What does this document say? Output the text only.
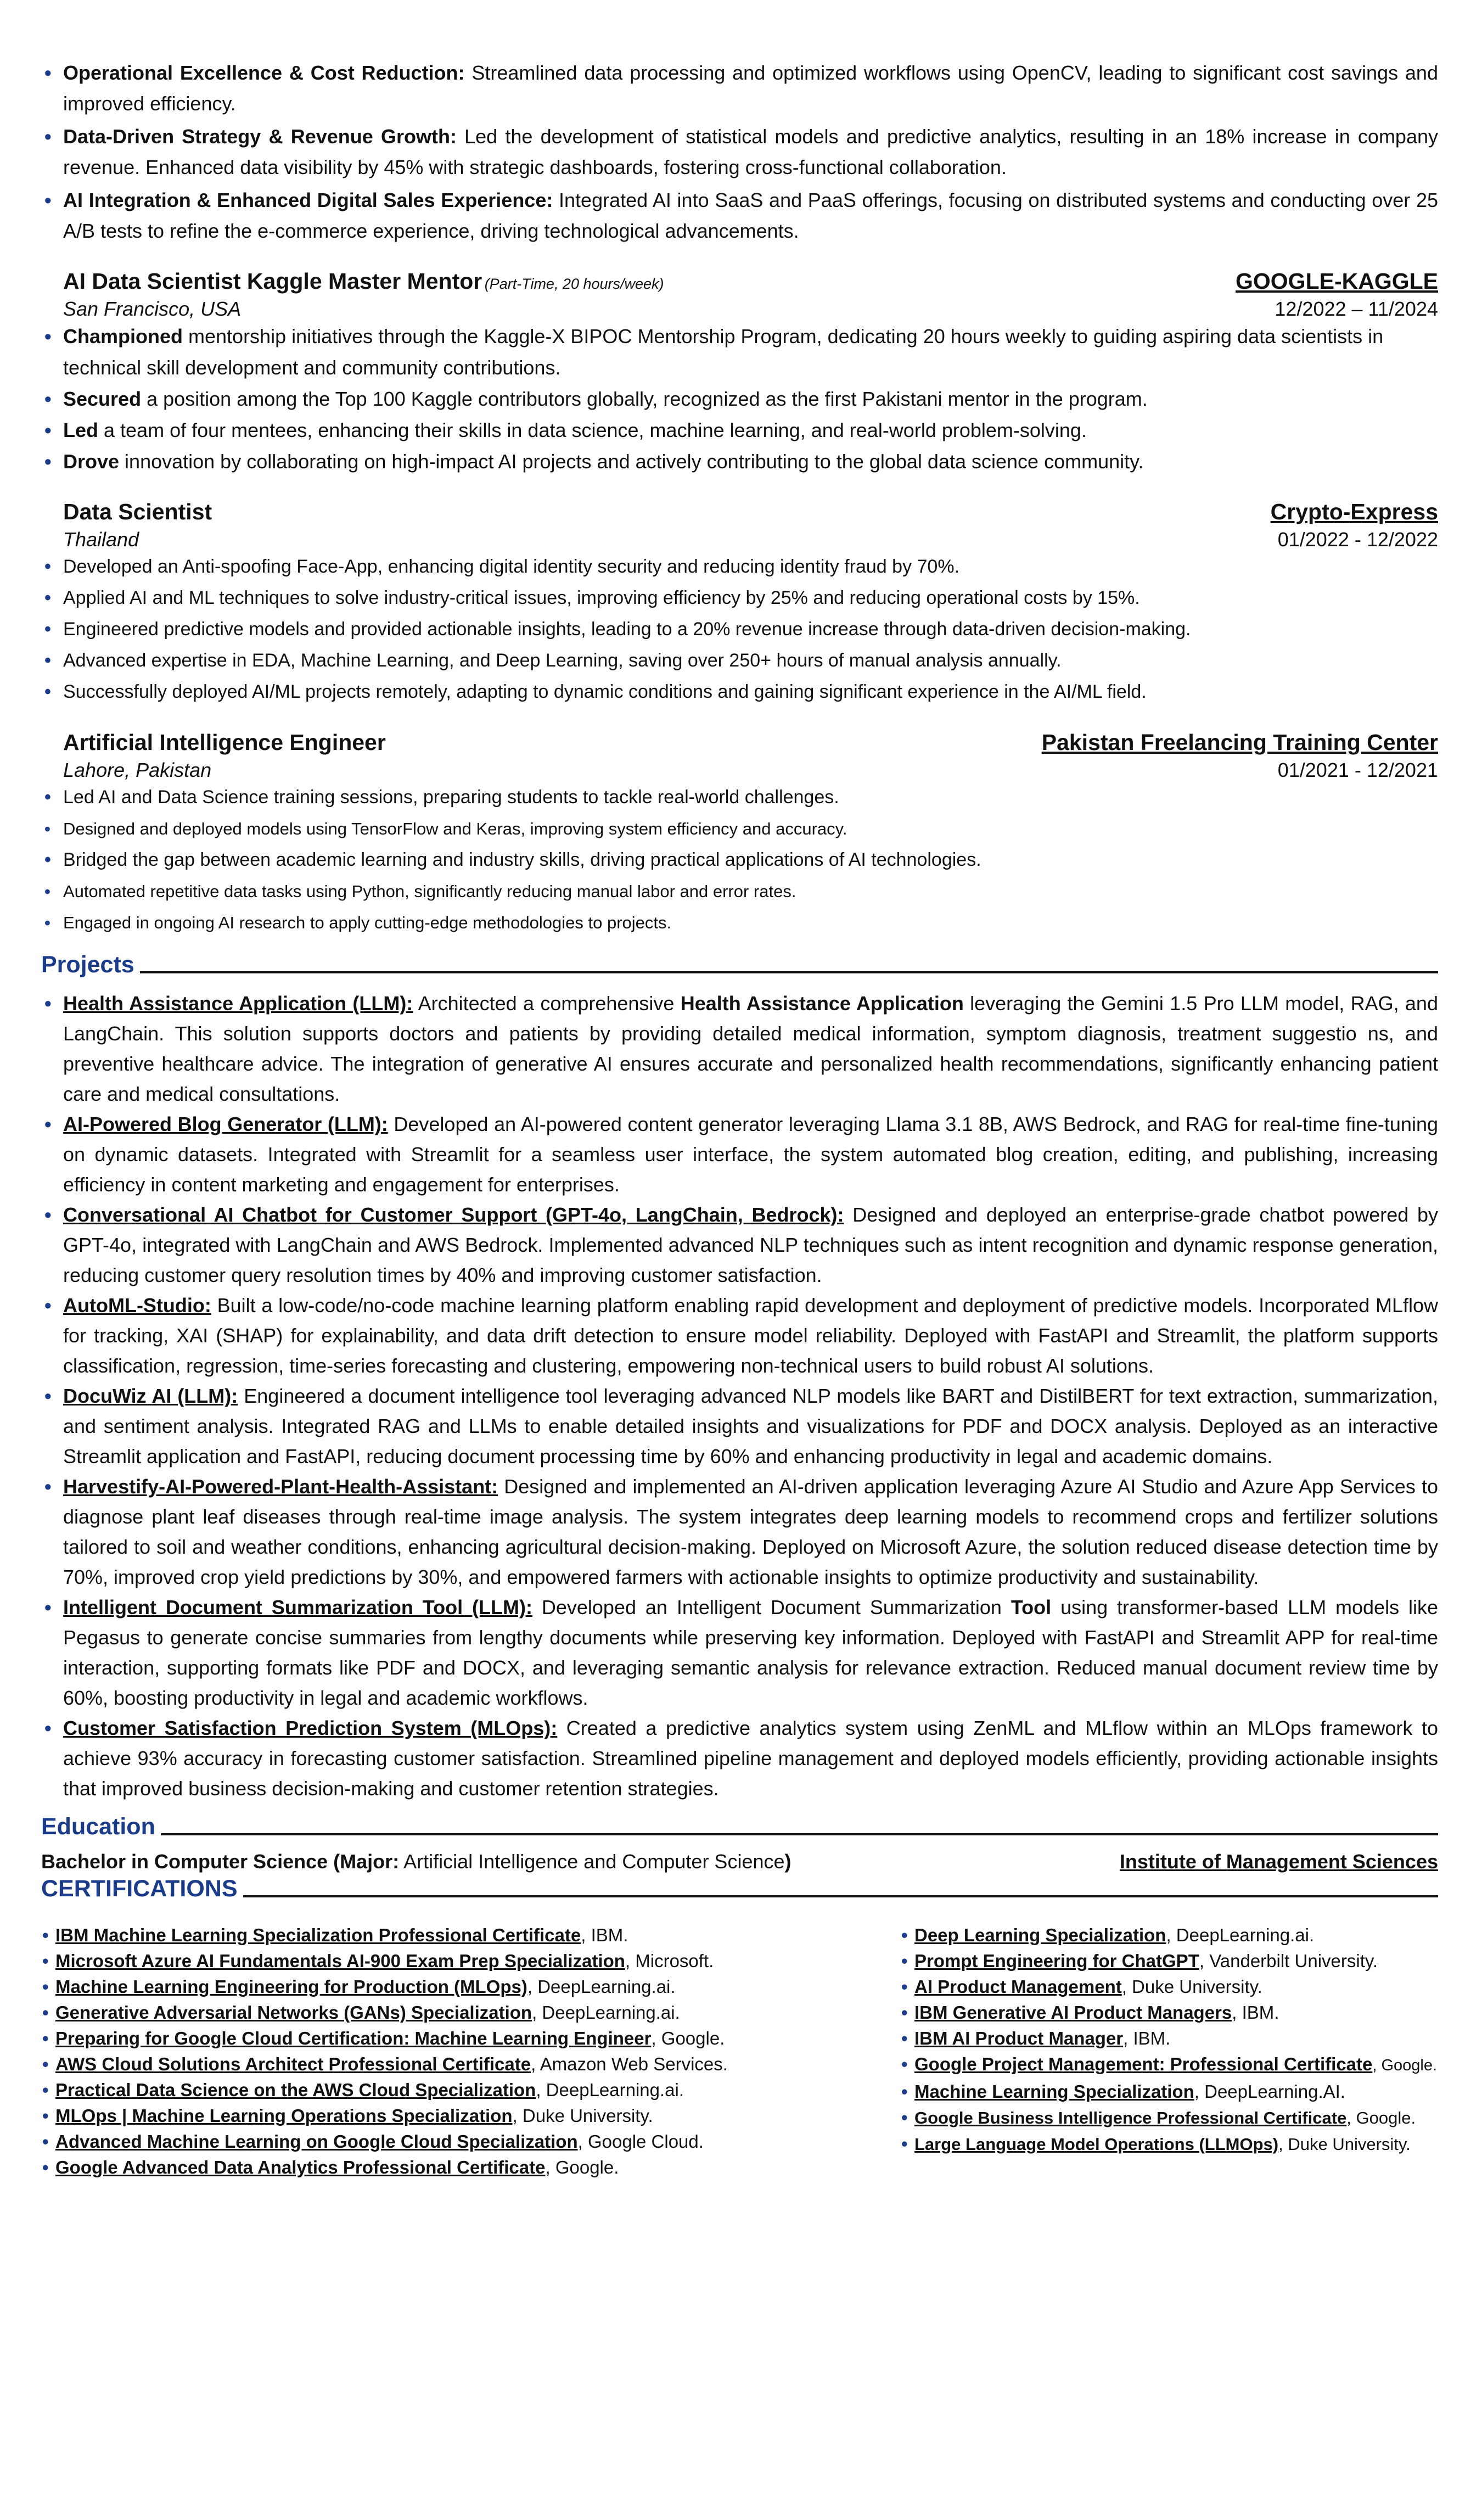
• Operational Excellence & Cost Reduction: Streamlined data processing and optimized workflows using OpenCV, leading to significant cost savings and improved efficiency.
• Data-Driven Strategy & Revenue Growth: Led the development of statistical models and predictive analytics, resulting in an 18% increase in company revenue. Enhanced data visibility by 45% with strategic dashboards, fostering cross-functional collaboration.
• AI Integration & Enhanced Digital Sales Experience: Integrated AI into SaaS and PaaS offerings, focusing on distributed systems and conducting over 25 A/B tests to refine the e-commerce experience, driving technological advancements.
AI Data Scientist Kaggle Master Mentor (Part-Time, 20 hours/week)	GOOGLE-KAGGLE
San Francisco, USA	12/2022 – 11/2024
• Championed mentorship initiatives through the Kaggle-X BIPOC Mentorship Program, dedicating 20 hours weekly to guiding aspiring data scientists in technical skill development and community contributions.
• Secured a position among the Top 100 Kaggle contributors globally, recognized as the first Pakistani mentor in the program.
• Led a team of four mentees, enhancing their skills in data science, machine learning, and real-world problem-solving.
• Drove innovation by collaborating on high-impact AI projects and actively contributing to the global data science community.
Data Scientist	Crypto-Express
Thailand	01/2022 - 12/2022
• Developed an Anti-spoofing Face-App, enhancing digital identity security and reducing identity fraud by 70%.
• Applied AI and ML techniques to solve industry-critical issues, improving efficiency by 25% and reducing operational costs by 15%.
• Engineered predictive models and provided actionable insights, leading to a 20% revenue increase through data-driven decision-making.
• Advanced expertise in EDA, Machine Learning, and Deep Learning, saving over 250+ hours of manual analysis annually.
• Successfully deployed AI/ML projects remotely, adapting to dynamic conditions and gaining significant experience in the AI/ML field.
Artificial Intelligence Engineer	Pakistan Freelancing Training Center
Lahore, Pakistan	01/2021 - 12/2021
• Led AI and Data Science training sessions, preparing students to tackle real-world challenges.
• Designed and deployed models using TensorFlow and Keras, improving system efficiency and accuracy.
• Bridged the gap between academic learning and industry skills, driving practical applications of AI technologies.
• Automated repetitive data tasks using Python, significantly reducing manual labor and error rates.
• Engaged in ongoing AI research to apply cutting-edge methodologies to projects.
Projects
• Health Assistance Application (LLM): Architected a comprehensive Health Assistance Application leveraging the Gemini 1.5 Pro LLM model, RAG, and LangChain. This solution supports doctors and patients by providing detailed medical information, symptom diagnosis, treatment suggestio ns, and preventive healthcare advice. The integration of generative AI ensures accurate and personalized health recommendations, significantly enhancing patient care and medical consultations.
• AI-Powered Blog Generator (LLM): Developed an AI-powered content generator leveraging Llama 3.1 8B, AWS Bedrock, and RAG for real-time fine-tuning on dynamic datasets. Integrated with Streamlit for a seamless user interface, the system automated blog creation, editing, and publishing, increasing efficiency in content marketing and engagement for enterprises.
• Conversational AI Chatbot for Customer Support (GPT-4o, LangChain, Bedrock): Designed and deployed an enterprise-grade chatbot powered by GPT-4o, integrated with LangChain and AWS Bedrock. Implemented advanced NLP techniques such as intent recognition and dynamic response generation, reducing customer query resolution times by 40% and improving customer satisfaction.
• AutoML-Studio: Built a low-code/no-code machine learning platform enabling rapid development and deployment of predictive models. Incorporated MLflow for tracking, XAI (SHAP) for explainability, and data drift detection to ensure model reliability. Deployed with FastAPI and Streamlit, the platform supports classification, regression, time-series forecasting and clustering, empowering non-technical users to build robust AI solutions.
• DocuWiz AI (LLM): Engineered a document intelligence tool leveraging advanced NLP models like BART and DistilBERT for text extraction, summarization, and sentiment analysis. Integrated RAG and LLMs to enable detailed insights and visualizations for PDF and DOCX analysis. Deployed as an interactive Streamlit application and FastAPI, reducing document processing time by 60% and enhancing productivity in legal and academic domains.
• Harvestify-AI-Powered-Plant-Health-Assistant: Designed and implemented an AI-driven application leveraging Azure AI Studio and Azure App Services to diagnose plant leaf diseases through real-time image analysis. The system integrates deep learning models to recommend crops and fertilizer solutions tailored to soil and weather conditions, enhancing agricultural decision-making. Deployed on Microsoft Azure, the solution reduced disease detection time by 70%, improved crop yield predictions by 30%, and empowered farmers with actionable insights to optimize productivity and sustainability.
• Intelligent Document Summarization Tool (LLM): Developed an Intelligent Document Summarization Tool using transformer-based LLM models like Pegasus to generate concise summaries from lengthy documents while preserving key information. Deployed with FastAPI and Streamlit APP for real-time interaction, supporting formats like PDF and DOCX, and leveraging semantic analysis for relevance extraction. Reduced manual document review time by 60%, boosting productivity in legal and academic workflows.
• Customer Satisfaction Prediction System (MLOps): Created a predictive analytics system using ZenML and MLflow within an MLOps framework to achieve 93% accuracy in forecasting customer satisfaction. Streamlined pipeline management and deployed models efficiently, providing actionable insights that improved business decision-making and customer retention strategies.
Education
Bachelor in Computer Science (Major: Artificial Intelligence and Computer Science)	Institute of Management Sciences
CERTIFICATIONS
• IBM Machine Learning Specialization Professional Certificate, IBM.
• Microsoft Azure AI Fundamentals AI-900 Exam Prep Specialization, Microsoft.
• Machine Learning Engineering for Production (MLOps), DeepLearning.ai.
• Generative Adversarial Networks (GANs) Specialization, DeepLearning.ai.
• Preparing for Google Cloud Certification: Machine Learning Engineer, Google.
• AWS Cloud Solutions Architect Professional Certificate, Amazon Web Services.
• Practical Data Science on the AWS Cloud Specialization, DeepLearning.ai.
• MLOps | Machine Learning Operations Specialization, Duke University.
• Advanced Machine Learning on Google Cloud Specialization, Google Cloud.
• Google Advanced Data Analytics Professional Certificate, Google.
• Deep Learning Specialization, DeepLearning.ai.
• Prompt Engineering for ChatGPT, Vanderbilt University.
• AI Product Management, Duke University.
• IBM Generative AI Product Managers, IBM.
• IBM AI Product Manager, IBM.
• Google Project Management: Professional Certificate, Google.
• Machine Learning Specialization, DeepLearning.AI.
• Google Business Intelligence Professional Certificate, Google.
• Large Language Model Operations (LLMOps), Duke University.
